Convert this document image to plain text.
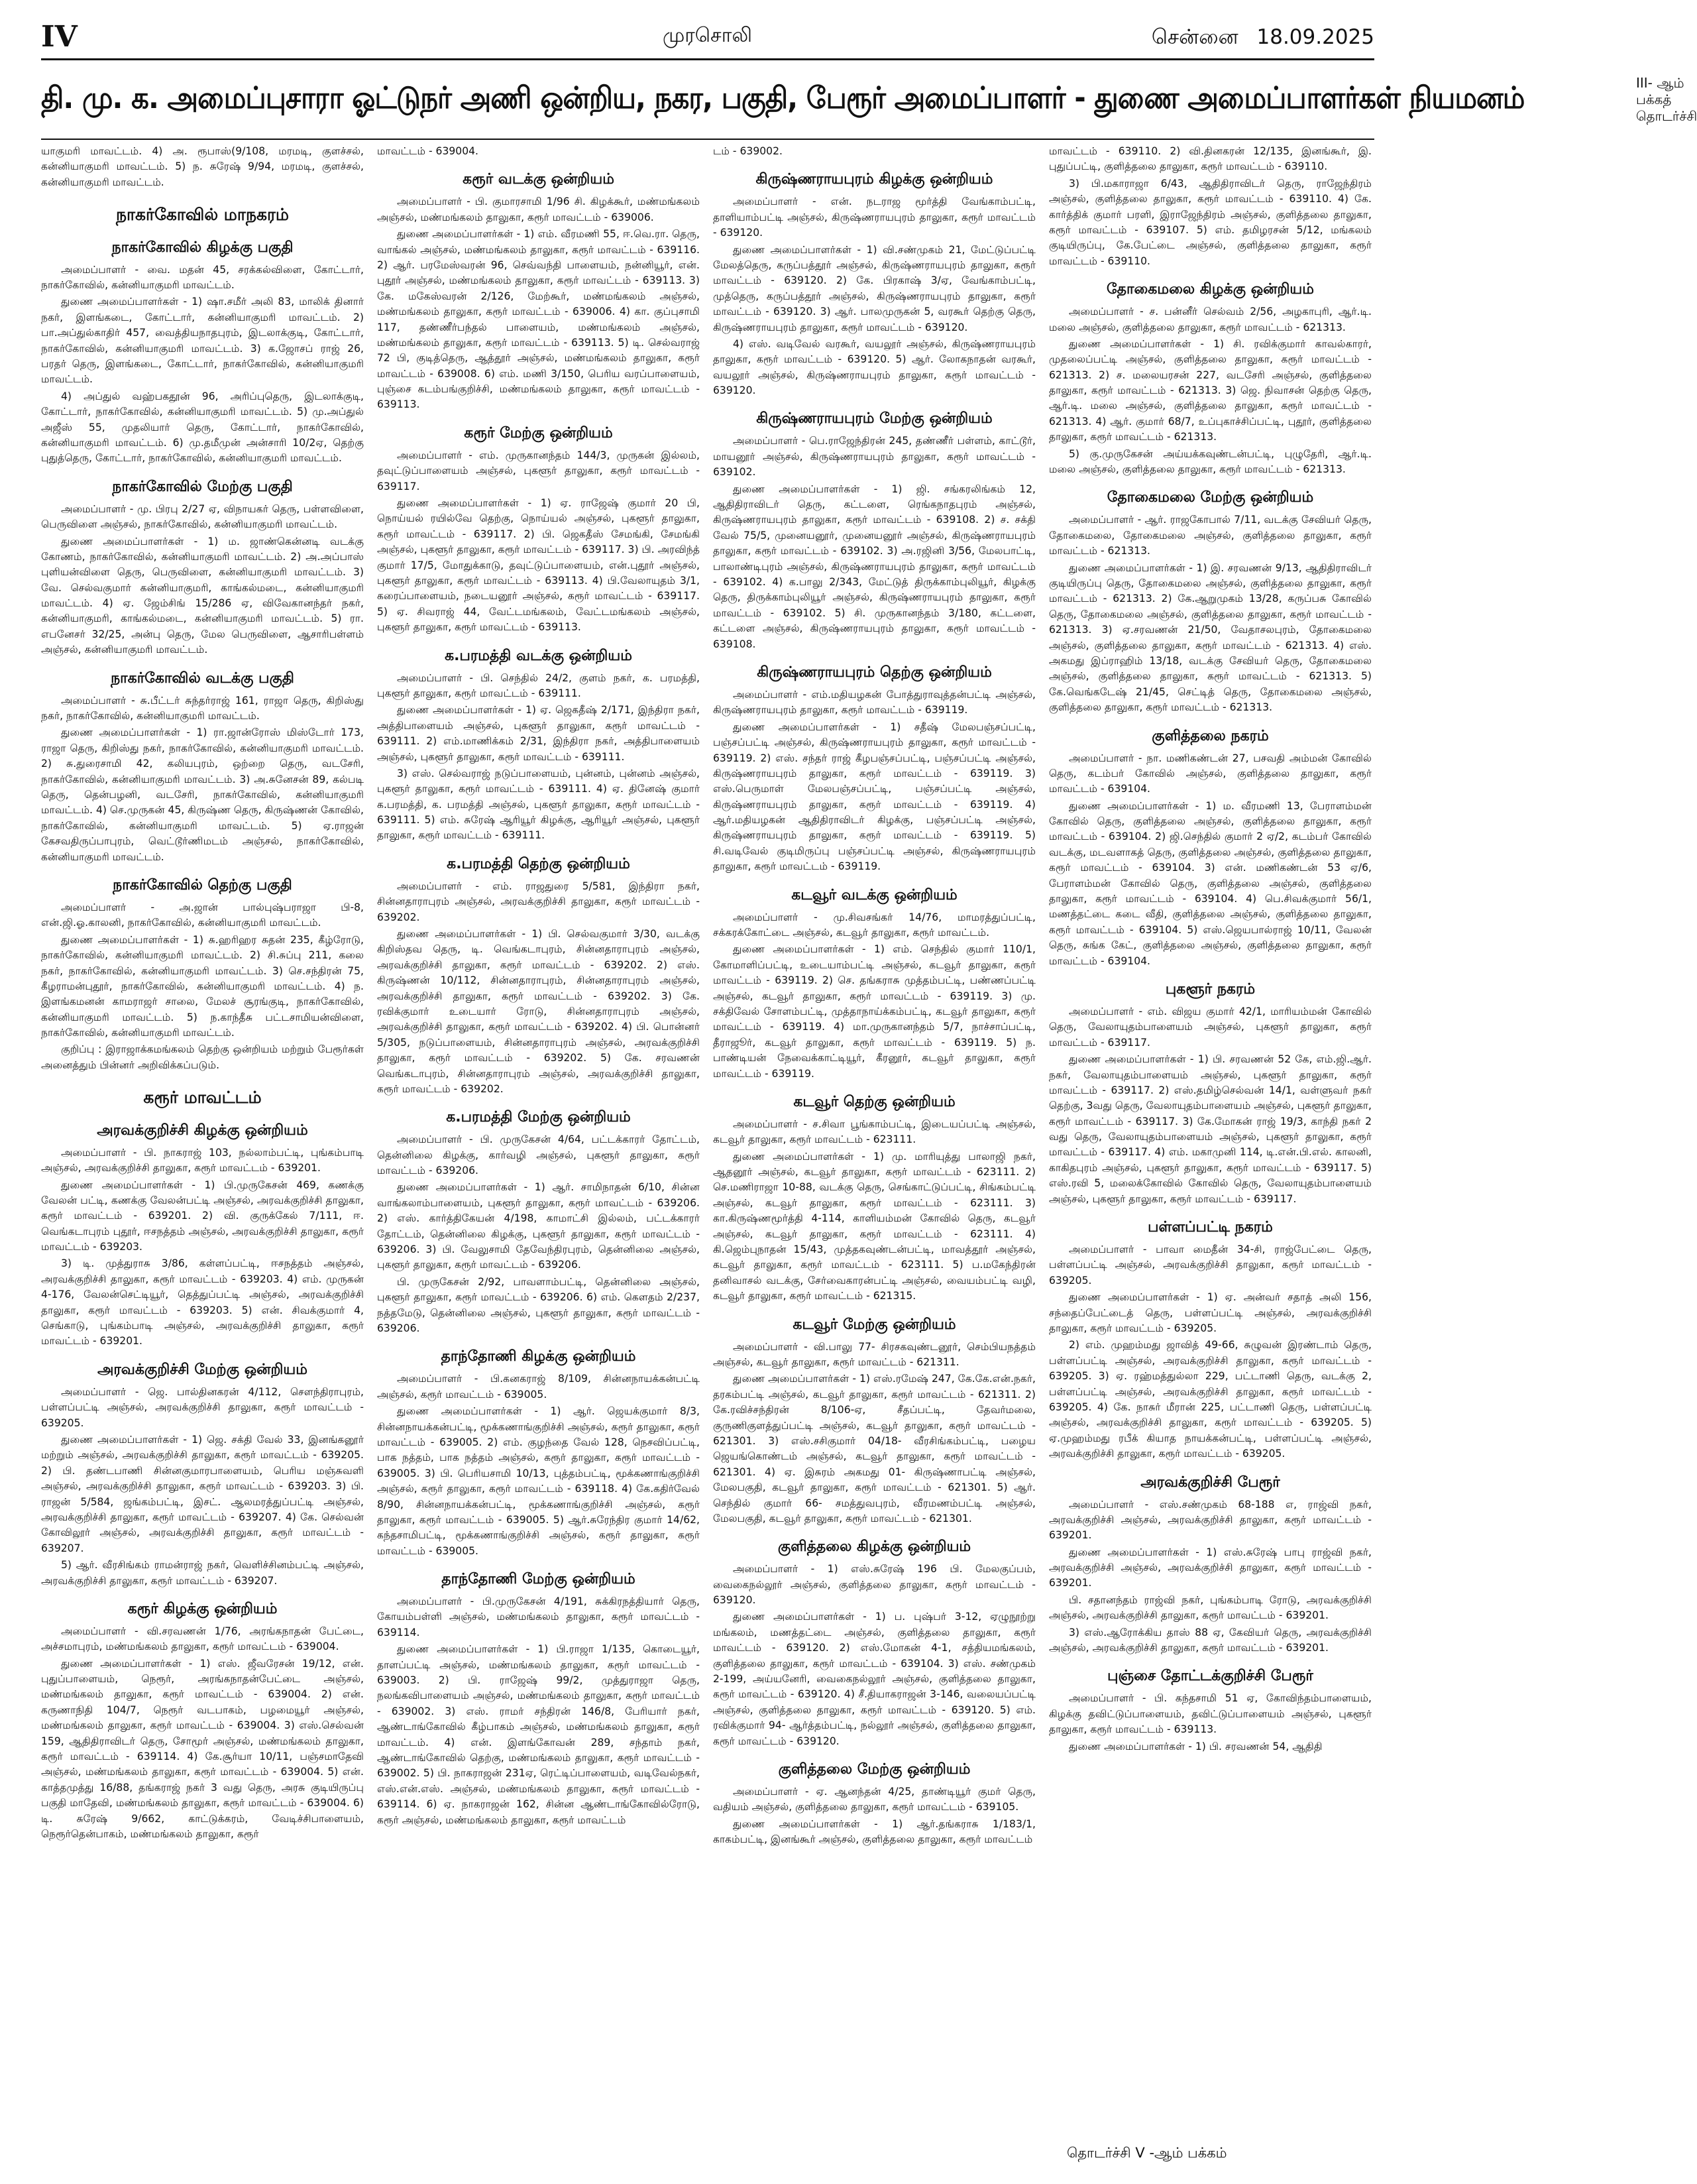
IV	முரசொலி	சென்னை 18.09.2025
தி. மு. க. அமைப்புசாரா ஓட்டுநர் அணி ஒன்றிய, நகர, பகுதி, பேரூர் அமைப்பாளர் - துணை அமைப்பாளர்கள் நியமனம்	III- ஆம் பக்கத் தொடர்ச்சி

யாகுமரி மாவட்டம். 4) அ. ரூபாஸ்(9/108, மரமடி, குளச்சல், கன்னியாகுமரி மாவட்டம். 5) ந. சுரேஷ் 9/94, மரமடி, குளச்சல், கன்னியாகுமரி மாவட்டம்.

நாகர்கோவில் மாநகரம்
நாகர்கோவில் கிழக்கு பகுதி

அமைப்பாளர் - வை. மதன் 45, சரக்கல்விளை, கோட்டார், நாகர்கோவில், கன்னியாகுமரி மாவட்டம்.

துணை அமைப்பாளர்கள் - 1) ஷா.சமீர் அலி 83, மாலிக் தினார் நகர், இளங்கடை, கோட்டார், கன்னியாகுமரி மாவட்டம். 2) பா.அப்துல்காதிர் 457, வைத்தியநாதபுரம், இடலாக்குடி, கோட்டார், நாகர்கோவில், கன்னியாகுமரி மாவட்டம். 3) க.ஜோசப் ராஜ் 26, பரதர் தெரு, இளங்கடை, கோட்டார், நாகர்கோவில், கன்னியாகுமரி மாவட்டம்.

4) அப்துல் வஹ்பகதூன் 96, அரிப்புதெரு, இடலாக்குடி, கோட்டார், நாகர்கோவில், கன்னியாகுமரி மாவட்டம். 5) மு.அப்துல் அஜீஸ் 55, முதலியார் தெரு, கோட்டார், நாகர்கோவில், கன்னியாகுமரி மாவட்டம். 6) மு.தமீமுன் அன்சாரி 10/2ஏ, தெற்கு புதுத்தெரு, கோட்டார், நாகர்கோவில், கன்னியாகுமரி மாவட்டம்.

நாகர்கோவில் மேற்கு பகுதி

அமைப்பாளர் - மு. பிரபு 2/27 ஏ, விநாயகர் தெரு, பள்ளவிளை, பெருவிளை அஞ்சல், நாகர்கோவில், கன்னியாகுமரி மாவட்டம்.

துணை அமைப்பாளர்கள் - 1) ம. ஜாண்கென்னடி வடக்கு கோணம், நாகர்கோவில், கன்னியாகுமரி மாவட்டம். 2) அ.அப்பாஸ் புளியன்விளை தெரு, பெருவிளை, கன்னியாகுமரி மாவட்டம். 3) வே. செல்வகுமார் கன்னியாகுமரி, காங்கல்மடை, கன்னியாகுமரி மாவட்டம். 4) ஏ. ஜேம்சிங் 15/286 ஏ, விவேகானந்தர் நகர், கன்னியாகுமரி, காங்கல்மடை, கன்னியாகுமரி மாவட்டம். 5) ரா. எபனேசர் 32/25, அன்பு தெரு, மேல பெருவிளை, ஆசாரிபள்ளம் அஞ்சல், கன்னியாகுமரி மாவட்டம்.

நாகர்கோவில் வடக்கு பகுதி

அமைப்பாளர் - சு.பீட்டர் சுந்தர்ராஜ் 161, ராஜா தெரு, கிறிஸ்து நகர், நாகர்கோவில், கன்னியாகுமரி மாவட்டம்.

துணை அமைப்பாளர்கள் - 1) ரா.ஜான்ரோஸ் மிஸ்டோர் 173, ராஜா தெரு, கிறிஸ்து நகர், நாகர்கோவில், கன்னியாகுமரி மாவட்டம். 2) சு.துரைசாமி 42, கலியபுரம், ஒற்றை தெரு, வடசேரி, நாகர்கோவில், கன்னியாகுமரி மாவட்டம். 3) அ.சுனேசன் 89, கல்படி தெரு, தென்பழனி, வடசேரி, நாகர்கோவில், கன்னியாகுமரி மாவட்டம். 4) செ.முருகன் 45, கிருஷ்ண தெரு, கிருஷ்ணன் கோவில், நாகர்கோவில், கன்னியாகுமரி மாவட்டம். 5) ஏ.ராஜன் கேசவதிருப்பாபுரம், வெட்டூர்ணிமடம் அஞ்சல், நாகர்கோவில், கன்னியாகுமரி மாவட்டம்.

நாகர்கோவில் தெற்கு பகுதி

அமைப்பாளர் - அ.ஜான் பால்புஷ்பராஜா பி-8, என்.ஜி.ஓ.காலனி, நாகர்கோவில், கன்னியாகுமரி மாவட்டம்.

துணை அமைப்பாளர்கள் - 1) சு.ஹரிஹர சுதன் 235, கீழ்ரோடு, நாகர்கோவில், கன்னியாகுமரி மாவட்டம். 2) சி.சுப்பு 211, கலை நகர், நாகர்கோவில், கன்னியாகுமரி மாவட்டம். 3) செ.சந்திரன் 75, கீழராமன்புதூர், நாகர்கோவில், கன்னியாகுமரி மாவட்டம். 4) ந. இளங்கமனன் காமராஜர் சாலை, மேலச் சூரங்குடி, நாகர்கோவில், கன்னியாகுமரி மாவட்டம். 5) ந.காந்தீசு பட்டசாமியன்விளை, நாகர்கோவில், கன்னியாகுமரி மாவட்டம்.

குறிப்பு : இராஜாக்கமங்கலம் தெற்கு ஒன்றியம் மற்றும் பேரூர்கள் அனைத்தும் பின்னர் அறிவிக்கப்படும்.

கரூர் மாவட்டம்
அரவக்குறிச்சி கிழக்கு ஒன்றியம்

அமைப்பாளர் - பி. நாகராஜ் 103, நல்லாம்பட்டி, புங்கம்பாடி அஞ்சல், அரவக்குறிச்சி தாலுகா, கரூர் மாவட்டம் - 639201.

துணை அமைப்பாளர்கள் - 1) பி.முருகேசன் 469, கணக்கு வேலன் பட்டி, கணக்கு வேலன்பட்டி அஞ்சல், அரவக்குறிச்சி தாலுகா, கரூர் மாவட்டம் - 639201. 2) வி. குருக்கேல் 7/111, ஈ. வெங்கடாபுரம் புதூர், ஈசநத்தம் அஞ்சல், அரவக்குறிச்சி தாலுகா, கரூர் மாவட்டம் - 639203.

3) டி. முத்துராசு 3/86, கள்ளப்பட்டி, ஈசநத்தம் அஞ்சல், அரவக்குறிச்சி தாலுகா, கரூர் மாவட்டம் - 639203. 4) எம். முருகன் 4-176, வேலன்செட்டியூர், தெத்துப்பட்டி அஞ்சல், அரவக்குறிச்சி தாலுகா, கரூர் மாவட்டம் - 639203. 5) என். சிவக்குமார் 4, செங்காடு, புங்கம்பாடி அஞ்சல், அரவக்குறிச்சி தாலுகா, கரூர் மாவட்டம் - 639201.

அரவக்குறிச்சி மேற்கு ஒன்றியம்

அமைப்பாளர் - ஜெ. பால்தினகரன் 4/112, சௌந்திராபுரம், பள்ளப்பட்டி அஞ்சல், அரவக்குறிச்சி தாலுகா, கரூர் மாவட்டம் - 639205.

துணை அமைப்பாளர்கள் - 1) ஜெ. சக்தி வேல் 33, இனங்கனூர் மற்றும் அஞ்சல், அரவக்குறிச்சி தாலுகா, கரூர் மாவட்டம் - 639205. 2) பி. தண்டபாணி சின்னகுமாரபாளையம், பெரிய மஞ்சுவளி அஞ்சல், அரவக்குறிச்சி தாலுகா, கரூர் மாவட்டம் - 639203. 3) பி. ராஜன் 5/584, ஜங்கம்பட்டி, இசட். ஆலமரத்துப்பட்டி அஞ்சல், அரவக்குறிச்சி தாலுகா, கரூர் மாவட்டம் - 639207. 4) கே. செல்வன் கோவிலூர் அஞ்சல், அரவக்குறிச்சி தாலுகா, கரூர் மாவட்டம் - 639207.

5) ஆர். வீரசிங்கம் ராமன்ராஜ் நகர், வெளிச்சினம்பட்டி அஞ்சல், அரவக்குறிச்சி தாலுகா, கரூர் மாவட்டம் - 639207.

கரூர் கிழக்கு ஒன்றியம்

அமைப்பாளர் - வி.சரவணன் 1/76, அரங்கநாதன் பேட்டை, அச்சமாபுரம், மண்மங்கலம் தாலுகா, கரூர் மாவட்டம் - 639004.

துணை அமைப்பாளர்கள் - 1) எஸ். ஜீவரேசன் 19/12, என். புதுப்பாளையம், நெரூர், அரங்கநாதன்பேட்டை அஞ்சல், மண்மங்கலம் தாலுகா, கரூர் மாவட்டம் - 639004. 2) என். கருணாநிதி 104/7, நெரூர் வடபாகம், பழமையூர் அஞ்சல், மண்மங்கலம் தாலுகா, கரூர் மாவட்டம் - 639004. 3) எஸ்.செல்வன் 159, ஆதிதிராவிடர் தெரு, சோமூர் அஞ்சல், மண்மங்கலம் தாலுகா, கரூர் மாவட்டம் - 639114. 4) கே.சூர்யா 10/11, பஞ்சமாதேவி அஞ்சல், மண்மங்கலம் தாலுகா, கரூர் மாவட்டம் - 639004. 5) என். காத்தமுத்து 16/88, தங்கராஜ் நகர் 3 வது தெரு, அரசு குடியிருப்பு பகுதி மாதேவி, மண்மங்கலம் தாலுகா, கரூர் மாவட்டம் - 639004. 6) டி. சுரேஷ் 9/662, காட்டுக்கரம், வேடிச்சிபாளையம், நெரூர்தென்பாகம், மண்மங்கலம் தாலுகா, கரூர்

மாவட்டம் - 639004.

கரூர் வடக்கு ஒன்றியம்

அமைப்பாளர் - பி. குமாரசாமி 1/96 சி. கிழக்கூர், மண்மங்கலம் அஞ்சல், மண்மங்கலம் தாலுகா, கரூர் மாவட்டம் - 639006.

துணை அமைப்பாளர்கள் - 1) எம். வீரமணி 55, ஈ.வெ.ரா. தெரு, வாங்கல் அஞ்சல், மண்மங்கலம் தாலுகா, கரூர் மாவட்டம் - 639116. 2) ஆர். பரமேஸ்வரன் 96, செவ்வந்தி பாளையம், நன்னியூர், என். புதூர் அஞ்சல், மண்மங்கலம் தாலுகா, கரூர் மாவட்டம் - 639113. 3) கே. மகேஸ்வரன் 2/126, மேற்கூர், மண்மங்கலம் அஞ்சல், மண்மங்கலம் தாலுகா, கரூர் மாவட்டம் - 639006. 4) கா. குப்புசாமி 117, தண்ணீர்பந்தல் பாளையம், மண்மங்கலம் அஞ்சல், மண்மங்கலம் தாலுகா, கரூர் மாவட்டம் - 639113. 5) டி. செல்வராஜ் 72 பி, குடித்தெரு, ஆத்தூர் அஞ்சல், மண்மங்கலம் தாலுகா, கரூர் மாவட்டம் - 639008. 6) எம். மணி 3/150, பெரிய வரப்பாளையம், புஞ்சை கடம்பங்குறிச்சி, மண்மங்கலம் தாலுகா, கரூர் மாவட்டம் - 639113.

கரூர் மேற்கு ஒன்றியம்

அமைப்பாளர் - எம். முருகானந்தம் 144/3, முருகன் இல்லம், தவுட்டுப்பாளையம் அஞ்சல், புகளூர் தாலுகா, கரூர் மாவட்டம் - 639117.

துணை அமைப்பாளர்கள் - 1) ஏ. ராஜேஷ் குமார் 20 பி, நொய்யல் ரயில்வே தெற்கு, நொய்யல் அஞ்சல், புகளூர் தாலுகா, கரூர் மாவட்டம் - 639117. 2) பி. ஜெகதீஸ் சேமங்கி, சேமங்கி அஞ்சல், புகளூர் தாலுகா, கரூர் மாவட்டம் - 639117. 3) பி. அரவிந்த் குமார் 17/5, மோதுக்காடு, தவுட்டுப்பாளையம், என்.புதூர் அஞ்சல், புகளூர் தாலுகா, கரூர் மாவட்டம் - 639113. 4) பி.வேலாயுதம் 3/1, கரைப்பாளையம், நடையனூர் அஞ்சல், கரூர் மாவட்டம் - 639117. 5) ஏ. சிவராஜ் 44, வேட்டமங்கலம், வேட்டமங்கலம் அஞ்சல், புகளூர் தாலுகா, கரூர் மாவட்டம் - 639113.

க.பரமத்தி வடக்கு ஒன்றியம்

அமைப்பாளர் - பி. செந்தில் 24/2, குளம் நகர், க. பரமத்தி, புகளூர் தாலுகா, கரூர் மாவட்டம் - 639111.

துணை அமைப்பாளர்கள் - 1) ஏ. ஜெகதீஷ் 2/171, இந்திரா நகர், அத்திபாளையம் அஞ்சல், புகளூர் தாலுகா, கரூர் மாவட்டம் - 639111. 2) எம்.மாணிக்கம் 2/31, இந்திரா நகர், அத்திபாளையம் அஞ்சல், புகளூர் தாலுகா, கரூர் மாவட்டம் - 639111.

3) எஸ். செல்வராஜ் நடுப்பாளையம், புன்னம், புன்னம் அஞ்சல், புகளூர் தாலுகா, கரூர் மாவட்டம் - 639111. 4) ஏ. தினேஷ் குமார் க.பரமத்தி, க. பரமத்தி அஞ்சல், புகளூர் தாலுகா, கரூர் மாவட்டம் - 639111. 5) எம். சுரேஷ் ஆரியூர் கிழக்கு, ஆரியூர் அஞ்சல், புகளூர் தாலுகா, கரூர் மாவட்டம் - 639111.

க.பரமத்தி தெற்கு ஒன்றியம்

அமைப்பாளர் - எம். ராஜதுரை 5/581, இந்திரா நகர், சின்னதாராபுரம் அஞ்சல், அரவக்குறிச்சி தாலுகா, கரூர் மாவட்டம் - 639202.

துணை அமைப்பாளர்கள் - 1) பி. செல்வகுமார் 3/30, வடக்கு கிறிஸ்தவ தெரு, டி. வெங்கடாபுரம், சின்னதாராபுரம் அஞ்சல், அரவக்குறிச்சி தாலுகா, கரூர் மாவட்டம் - 639202. 2) எஸ். கிருஷ்ணன் 10/112, சின்னதாராபுரம், சின்னதாராபுரம் அஞ்சல், அரவக்குறிச்சி தாலுகா, கரூர் மாவட்டம் - 639202. 3) கே. ரவிக்குமார் உடையார் ரோடு, சின்னதாராபுரம் அஞ்சல், அரவக்குறிச்சி தாலுகா, கரூர் மாவட்டம் - 639202. 4) பி. பொன்னர் 5/305, நடுப்பாளையம், சின்னதாராபுரம் அஞ்சல், அரவக்குறிச்சி தாலுகா, கரூர் மாவட்டம் - 639202. 5) கே. சரவணன் வெங்கடாபுரம், சின்னதாராபுரம் அஞ்சல், அரவக்குறிச்சி தாலுகா, கரூர் மாவட்டம் - 639202.

க.பரமத்தி மேற்கு ஒன்றியம்

அமைப்பாளர் - பி. முருகேசன் 4/64, பட்டக்காரர் தோட்டம், தென்னிலை கிழக்கு, கார்வழி அஞ்சல், புகளூர் தாலுகா, கரூர் மாவட்டம் - 639206.

துணை அமைப்பாளர்கள் - 1) ஆர். சாமிநாதன் 6/10, சின்ன வாங்கலாம்பாளையம், புகளூர் தாலுகா, கரூர் மாவட்டம் - 639206. 2) எஸ். கார்த்திகேயன் 4/198, காமாட்சி இல்லம், பட்டக்காரர் தோட்டம், தென்னிலை கிழக்கு, புகளூர் தாலுகா, கரூர் மாவட்டம் - 639206. 3) பி. வேலுசாமி தேவேந்திரபுரம், தென்னிலை அஞ்சல், புகளூர் தாலுகா, கரூர் மாவட்டம் - 639206.

பி. முருகேசன் 2/92, பாவளாம்பட்டி, தென்னிலை அஞ்சல், புகளூர் தாலுகா, கரூர் மாவட்டம் - 639206. 6) எம். கௌதம் 2/237, நத்தமேடு, தென்னிலை அஞ்சல், புகளூர் தாலுகா, கரூர் மாவட்டம் - 639206.

தாந்தோணி கிழக்கு ஒன்றியம்

அமைப்பாளர் - பி.கனகராஜ் 8/109, சின்னநாயக்கன்பட்டி அஞ்சல், கரூர் மாவட்டம் - 639005.

துணை அமைப்பாளர்கள் - 1) ஆர். ஜெயக்குமார் 8/3, சின்னநாயக்கன்பட்டி, மூக்கணாங்குறிச்சி அஞ்சல், கரூர் தாலுகா, கரூர் மாவட்டம் - 639005. 2) எம். குழந்தை வேல் 128, நெசவிப்பட்டி, பாக நத்தம், பாக நத்தம் அஞ்சல், கரூர் தாலுகா, கரூர் மாவட்டம் - 639005. 3) பி. பெரியசாமி 10/13, புத்தம்பட்டி, மூக்கணாங்குறிச்சி அஞ்சல், கரூர் தாலுகா, கரூர் மாவட்டம் - 639118. 4) கே.கதிர்வேல் 8/90, சின்னநாயக்கன்பட்டி, மூக்கணாங்குறிச்சி அஞ்சல், கரூர் தாலுகா, கரூர் மாவட்டம் - 639005. 5) ஆர்.சுரேந்திர குமார் 14/62, கந்தசாமிபட்டி, மூக்கணாங்குறிச்சி அஞ்சல், கரூர் தாலுகா, கரூர் மாவட்டம் - 639005.

தாந்தோணி மேற்கு ஒன்றியம்

அமைப்பாளர் - பி.முருகேசன் 4/191, சுக்கிரநத்தியார் தெரு, கோயம்பள்ளி அஞ்சல், மண்மங்கலம் தாலுகா, கரூர் மாவட்டம் - 639114.

துணை அமைப்பாளர்கள் - 1) பி.ராஜா 1/135, கொடையூர், தாளப்பட்டி அஞ்சல், மண்மங்கலம் தாலுகா, கரூர் மாவட்டம் - 639003. 2) பி. ராஜேஷ் 99/2, முத்துராஜா தெரு, நலங்கவிபாளையம் அஞ்சல், மண்மங்கலம் தாலுகா, கரூர் மாவட்டம் - 639002. 3) எஸ். ராமர் சந்திரன் 146/8, பேரியார் நகர், ஆண்டாங்கோவில் கீழ்பாகம் அஞ்சல், மண்மங்கலம் தாலுகா, கரூர் மாவட்டம். 4) என். இளங்கோவன் 289, சந்தாம் நகர், ஆண்டாங்கோவில் தெற்கு, மண்மங்கலம் தாலுகா, கரூர் மாவட்டம் - 639002. 5) பி. நாகராஜன் 231ஏ, ரெட்டிப்பாளையம், வடிவேல்நகர், எஸ்.என்.எஸ். அஞ்சல், மண்மங்கலம் தாலுகா, கரூர் மாவட்டம் - 639114. 6) ஏ. நாகராஜன் 162, சின்ன ஆண்டாங்கோவில்ரோடு, கரூர் அஞ்சல், மண்மங்கலம் தாலுகா, கரூர் மாவட்டம்

டம் - 639002.

கிருஷ்ணராயபுரம் கிழக்கு ஒன்றியம்

அமைப்பாளர் - என். நடராஜ மூர்த்தி வேங்காம்பட்டி, தாளியாம்பட்டி அஞ்சல், கிருஷ்ணராயபுரம் தாலுகா, கரூர் மாவட்டம் - 639120.

துணை அமைப்பாளர்கள் - 1) வி.சண்முகம் 21, மேட்டுப்பட்டி மேலத்தெரு, கருப்பத்தூர் அஞ்சல், கிருஷ்ணராயபுரம் தாலுகா, கரூர் மாவட்டம் - 639120. 2) கே. பிரகாஷ் 3/ஏ, வேங்காம்பட்டி, முத்தெரு, கருப்பத்தூர் அஞ்சல், கிருஷ்ணராயபுரம் தாலுகா, கரூர் மாவட்டம் - 639120. 3) ஆர். பாலமுருகன் 5, வரகூர் தெற்கு தெரு, கிருஷ்ணராயபுரம் தாலுகா, கரூர் மாவட்டம் - 639120.

4) எஸ். வடிவேல் வரகூர், வயலூர் அஞ்சல், கிருஷ்ணராயபுரம் தாலுகா, கரூர் மாவட்டம் - 639120. 5) ஆர். லோகநாதன் வரகூர், வயலூர் அஞ்சல், கிருஷ்ணராயபுரம் தாலுகா, கரூர் மாவட்டம் - 639120.

கிருஷ்ணராயபுரம் மேற்கு ஒன்றியம்

அமைப்பாளர் - பெ.ராஜேந்திரன் 245, தண்ணீர் பள்ளம், காட்டூர், மாயனூர் அஞ்சல், கிருஷ்ணராயபுரம் தாலுகா, கரூர் மாவட்டம் - 639102.

துணை அமைப்பாளர்கள் - 1) ஜி. சங்கரலிங்கம் 12, ஆதிதிராவிடர் தெரு, கட்டளை, ரெங்கநாதபுரம் அஞ்சல், கிருஷ்ணராயபுரம் தாலுகா, கரூர் மாவட்டம் - 639108. 2) ச. சக்தி வேல் 75/5, முனையனூர், முனையனூர் அஞ்சல், கிருஷ்ணராயபுரம் தாலுகா, கரூர் மாவட்டம் - 639102. 3) அ.ரஜினி 3/56, மேலபாட்டி, பாலாண்டிபுரம் அஞ்சல், கிருஷ்ணராயபுரம் தாலுகா, கரூர் மாவட்டம் - 639102. 4) க.பாலு 2/343, மேட்டுத் திருக்காம்புலியூர், கிழக்கு தெரு, திருக்காம்புலியூர் அஞ்சல், கிருஷ்ணராயபுரம் தாலுகா, கரூர் மாவட்டம் - 639102. 5) சி. முருகானந்தம் 3/180, கட்டளை, கட்டளை அஞ்சல், கிருஷ்ணராயபுரம் தாலுகா, கரூர் மாவட்டம் - 639108.

கிருஷ்ணராயபுரம் தெற்கு ஒன்றியம்

அமைப்பாளர் - எம்.மதியழகன் போத்துராவுத்தன்பட்டி அஞ்சல், கிருஷ்ணராயபுரம் தாலுகா, கரூர் மாவட்டம் - 639119.

துணை அமைப்பாளர்கள் - 1) சதீஷ் மேலபஞ்சப்பட்டி, பஞ்சப்பட்டி அஞ்சல், கிருஷ்ணராயபுரம் தாலுகா, கரூர் மாவட்டம் - 639119. 2) எஸ். சந்தர் ராஜ் கீழபஞ்சப்பட்டி, பஞ்சப்பட்டி அஞ்சல், கிருஷ்ணராயபுரம் தாலுகா, கரூர் மாவட்டம் - 639119. 3) எஸ்.பெருமாள் மேலபஞ்சப்பட்டி, பஞ்சப்பட்டி அஞ்சல், கிருஷ்ணராயபுரம் தாலுகா, கரூர் மாவட்டம் - 639119. 4) ஆர்.மதியழகன் ஆதிதிராவிடர் கிழக்கு, பஞ்சப்பட்டி அஞ்சல், கிருஷ்ணராயபுரம் தாலுகா, கரூர் மாவட்டம் - 639119. 5) சி.வடிவேல் குடிமிருப்பு பஞ்சப்பட்டி அஞ்சல், கிருஷ்ணராயபுரம் தாலுகா, கரூர் மாவட்டம் - 639119.

கடவூர் வடக்கு ஒன்றியம்

அமைப்பாளர் - மு.சிவசங்கர் 14/76, மாமரத்துப்பட்டி, சக்கரக்கோட்டை அஞ்சல், கடவூர் தாலுகா, கரூர் மாவட்டம்.

துணை அமைப்பாளர்கள் - 1) எம். செந்தில் குமார் 110/1, கோமாளிப்பட்டி, உடையாம்பட்டி அஞ்சல், கடவூர் தாலுகா, கரூர் மாவட்டம் - 639119. 2) செ. தங்கராசு முத்தம்பட்டி, பண்ணப்பட்டி அஞ்சல், கடவூர் தாலுகா, கரூர் மாவட்டம் - 639119. 3) மு. சக்திவேல் சோளம்பட்டி, முத்தாநாய்க்கம்பட்டி, கடவூர் தாலுகா, கரூர் மாவட்டம் - 639119. 4) மா.முருகானந்தம் 5/7, நாச்சாப்பட்டி, தீராஜூர், கடவூர் தாலுகா, கரூர் மாவட்டம் - 639119. 5) ந. பாண்டியன் நேவைக்காட்டியூர், கீரனூர், கடவூர் தாலுகா, கரூர் மாவட்டம் - 639119.

கடவூர் தெற்கு ஒன்றியம்

அமைப்பாளர் - ச.சிவா பூங்காம்பட்டி, இடையப்பட்டி அஞ்சல், கடவூர் தாலுகா, கரூர் மாவட்டம் - 623111.

துணை அமைப்பாளர்கள் - 1) மு. மாரியுத்து பாலாஜி நகர், ஆதனூர் அஞ்சல், கடவூர் தாலுகா, கரூர் மாவட்டம் - 623111. 2) செ.மணிராஜா 10-88, வடக்கு தெரு, செங்காட்டுப்பட்டி, சிங்கம்பட்டி அஞ்சல், கடவூர் தாலுகா, கரூர் மாவட்டம் - 623111. 3) கா.கிருஷ்ணமூர்த்தி 4-114, காளியம்மன் கோவில் தெரு, கடவூர் அஞ்சல், கடவூர் தாலுகா, கரூர் மாவட்டம் - 623111. 4) கி.ஜெம்புநாதன் 15/43, முத்தகவுண்டன்பட்டி, மாவத்தூர் அஞ்சல், கடவூர் தாலுகா, கரூர் மாவட்டம் - 623111. 5) ப.மகேந்திரன் தனிவாசல் வடக்கு, சேர்வைகாரன்பட்டி அஞ்சல், வையம்பட்டி வழி, கடவூர் தாலுகா, கரூர் மாவட்டம் - 621315.

கடவூர் மேற்கு ஒன்றியம்

அமைப்பாளர் - வி.பாலு 77- சிரசகவுண்டனூர், செம்பியநத்தம் அஞ்சல், கடவூர் தாலுகா, கரூர் மாவட்டம் - 621311.

துணை அமைப்பாளர்கள் - 1) எஸ்.ரமேஷ் 247, கே.கே.என்.நகர், தரகம்பட்டி அஞ்சல், கடவூர் தாலுகா, கரூர் மாவட்டம் - 621311. 2) கே.ரவிச்சந்திரன் 8/106-ஏ, சீதப்பட்டி, தேவர்மலை, குருணிகுளத்துப்பட்டி அஞ்சல், கடவூர் தாலுகா, கரூர் மாவட்டம் - 621301. 3) எஸ்.சசிகுமார் 04/18- வீரசிங்கம்பட்டி, பழைய ஜெயங்கொண்டம் அஞ்சல், கடவூர் தாலுகா, கரூர் மாவட்டம் - 621301. 4) ஏ. இசுரம் அகமது 01- கிருஷ்ணாபட்டி அஞ்சல், மேலபகுதி, கடவூர் தாலுகா, கரூர் மாவட்டம் - 621301. 5) ஆர். செந்தில் குமார் 66- சமத்துவபுரம், வீரமணம்பட்டி அஞ்சல், மேலபகுதி, கடவூர் தாலுகா, கரூர் மாவட்டம் - 621301.

குளித்தலை கிழக்கு ஒன்றியம்

அமைப்பாளர் - 1) எஸ்.சுரேஷ் 196 பி. மேலகுப்பம், வைகைநல்லூர் அஞ்சல், குளித்தலை தாலுகா, கரூர் மாவட்டம் - 639120.

துணை அமைப்பாளர்கள் - 1) ப. புஷ்பர் 3-12, ஏழுநூற்று மங்கலம், மணத்தட்டை அஞ்சல், குளித்தலை தாலுகா, கரூர் மாவட்டம் - 639120. 2) எஸ்.மோகன் 4-1, சத்தியமங்கலம், குளித்தலை தாலுகா, கரூர் மாவட்டம் - 639104. 3) எஸ். சண்முகம் 2-199, அய்யனேரி, வைகைநல்லூர் அஞ்சல், குளித்தலை தாலுகா, கரூர் மாவட்டம் - 639120. 4) சீ.தியாகராஜன் 3-146, வலையப்பட்டி அஞ்சல், குளித்தலை தாலுகா, கரூர் மாவட்டம் - 639120. 5) எம். ரவிக்குமார் 94- ஆர்த்தம்பட்டி, நல்லூர் அஞ்சல், குளித்தலை தாலுகா, கரூர் மாவட்டம் - 639120.

குளித்தலை மேற்கு ஒன்றியம்

அமைப்பாளர் - ஏ. ஆனந்தன் 4/25, தாண்டியூர் குமர் தெரு, வதியம் அஞ்சல், குளித்தலை தாலுகா, கரூர் மாவட்டம் - 639105.

துணை அமைப்பாளர்கள் - 1) ஆர்.தங்கராசு 1/183/1, காகம்பட்டி, இனங்கூர் அஞ்சல், குளித்தலை தாலுகா, கரூர் மாவட்டம்

மாவட்டம் - 639110. 2) வி.தினகரன் 12/135, இனங்கூர், இ. புதுப்பட்டி, குளித்தலை தாலுகா, கரூர் மாவட்டம் - 639110.

3) பி.மகாராஜா 6/43, ஆதிதிராவிடர் தெரு, ராஜேந்திரம் அஞ்சல், குளித்தலை தாலுகா, கரூர் மாவட்டம் - 639110. 4) கே. கார்த்திக் குமார் பரளி, இராஜேந்திரம் அஞ்சல், குளித்தலை தாலுகா, கரூர் மாவட்டம் - 639107. 5) எம். தமிழரசன் 5/12, மங்கலம் குடியிருப்பு, கே.பேட்டை அஞ்சல், குளித்தலை தாலுகா, கரூர் மாவட்டம் - 639110.

தோகைமலை கிழக்கு ஒன்றியம்

அமைப்பாளர் - ச. பன்னீர் செல்வம் 2/56, அழகாபுரி, ஆர்.டி. மலை அஞ்சல், குளித்தலை தாலுகா, கரூர் மாவட்டம் - 621313.

துணை அமைப்பாளர்கள் - 1) சி. ரவிக்குமார் காவல்காரர், முதலைப்பட்டி அஞ்சல், குளித்தலை தாலுகா, கரூர் மாவட்டம் - 621313. 2) ச. மலையரசன் 227, வடசேரி அஞ்சல், குளித்தலை தாலுகா, கரூர் மாவட்டம் - 621313. 3) ஜெ. நிவாசன் தெற்கு தெரு, ஆர்.டி. மலை அஞ்சல், குளித்தலை தாலுகா, கரூர் மாவட்டம் - 621313. 4) ஆர். குமார் 68/7, உப்புகாச்சிப்பட்டி, புதூர், குளித்தலை தாலுகா, கரூர் மாவட்டம் - 621313.

5) கு.முருகேசன் அய்யக்கவுண்டன்பட்டி, புழுதேரி, ஆர்.டி. மலை அஞ்சல், குளித்தலை தாலுகா, கரூர் மாவட்டம் - 621313.

தோகைமலை மேற்கு ஒன்றியம்

அமைப்பாளர் - ஆர். ராஜகோபால் 7/11, வடக்கு சேவியர் தெரு, தோகைமலை, தோகைமலை அஞ்சல், குளித்தலை தாலுகா, கரூர் மாவட்டம் - 621313.

துணை அமைப்பாளர்கள் - 1) இ. சரவணன் 9/13, ஆதிதிராவிடர் குடியிருப்பு தெரு, தோகைமலை அஞ்சல், குளித்தலை தாலுகா, கரூர் மாவட்டம் - 621313. 2) கே.ஆறுமுகம் 13/28, கருப்பசு கோவில் தெரு, தோகைமலை அஞ்சல், குளித்தலை தாலுகா, கரூர் மாவட்டம் - 621313. 3) ஏ.சரவணன் 21/50, வேதாசலபுரம், தோகைமலை அஞ்சல், குளித்தலை தாலுகா, கரூர் மாவட்டம் - 621313. 4) எஸ். அகமது இப்ராஹிம் 13/18, வடக்கு சேவியர் தெரு, தோகைமலை அஞ்சல், குளித்தலை தாலுகா, கரூர் மாவட்டம் - 621313. 5) கே.வெங்கடேஷ் 21/45, செட்டித் தெரு, தோகைமலை அஞ்சல், குளித்தலை தாலுகா, கரூர் மாவட்டம் - 621313.

குளித்தலை நகரம்

அமைப்பாளர் - நா. மணிகண்டன் 27, பசவதி அம்மன் கோவில் தெரு, கடம்பர் கோவில் அஞ்சல், குளித்தலை தாலுகா, கரூர் மாவட்டம் - 639104.

துணை அமைப்பாளர்கள் - 1) ம. வீரமணி 13, பேராளம்மன் கோவில் தெரு, குளித்தலை அஞ்சல், குளித்தலை தாலுகா, கரூர் மாவட்டம் - 639104. 2) ஜி.செந்தில் குமார் 2 ஏ/2, கடம்பர் கோவில் வடக்கு, மடவளாகத் தெரு, குளித்தலை அஞ்சல், குளித்தலை தாலுகா, கரூர் மாவட்டம் - 639104. 3) என். மணிகண்டன் 53 ஏ/6, பேராளம்மன் கோவில் தெரு, குளித்தலை அஞ்சல், குளித்தலை தாலுகா, கரூர் மாவட்டம் - 639104. 4) பெ.சிவக்குமார் 56/1, மணத்தட்டை கடை வீதி, குளித்தலை அஞ்சல், குளித்தலை தாலுகா, கரூர் மாவட்டம் - 639104. 5) எஸ்.ஜெயபால்ராஜ் 10/11, வேலன் தெரு, சுங்க கேட், குளித்தலை அஞ்சல், குளித்தலை தாலுகா, கரூர் மாவட்டம் - 639104.

புகளூர் நகரம்

அமைப்பாளர் - எம். விஜய குமார் 42/1, மாரியம்மன் கோவில் தெரு, வேலாயுதம்பாளையம் அஞ்சல், புகளூர் தாலுகா, கரூர் மாவட்டம் - 639117.

துணை அமைப்பாளர்கள் - 1) பி. சரவணன் 52 கே, எம்.ஜி.ஆர். நகர், வேலாயுதம்பாளையம் அஞ்சல், புகளூர் தாலுகா, கரூர் மாவட்டம் - 639117. 2) எஸ்.தமிழ்செல்வன் 14/1, வள்ளுவர் நகர் தெற்கு, 3வது தெரு, வேலாயுதம்பாளையம் அஞ்சல், புகளூர் தாலுகா, கரூர் மாவட்டம் - 639117. 3) கே.மோகன் ராஜ் 19/3, காந்தி நகர் 2 வது தெரு, வேலாயுதம்பாளையம் அஞ்சல், புகளூர் தாலுகா, கரூர் மாவட்டம் - 639117. 4) எம். மகாமுனி 114, டி.என்.பி.எல். காலனி, காகிதபுரம் அஞ்சல், புகளூர் தாலுகா, கரூர் மாவட்டம் - 639117. 5) எஸ்.ரவி 5, மலைக்கோவில் கோவில் தெரு, வேலாயுதம்பாளையம் அஞ்சல், புகளூர் தாலுகா, கரூர் மாவட்டம் - 639117.

பள்ளப்பட்டி நகரம்

அமைப்பாளர் - பாவா மைதீன் 34-சி, ராஜ்பேட்டை தெரு, பள்ளப்பட்டி அஞ்சல், அரவக்குறிச்சி தாலுகா, கரூர் மாவட்டம் - 639205.

துணை அமைப்பாளர்கள் - 1) ஏ. அன்வர் சதாத் அலி 156, சந்தைப்பேட்டைத் தெரு, பள்ளப்பட்டி அஞ்சல், அரவக்குறிச்சி தாலுகா, கரூர் மாவட்டம் - 639205.

2) எம். முஹம்மது ஜாவித் 49-66, சுழுவன் இரண்டாம் தெரு, பள்ளப்பட்டி அஞ்சல், அரவக்குறிச்சி தாலுகா, கரூர் மாவட்டம் - 639205. 3) ஏ. ரஹ்மத்துல்லா 229, பட்டாணி தெரு, வடக்கு 2, பள்ளப்பட்டி அஞ்சல், அரவக்குறிச்சி தாலுகா, கரூர் மாவட்டம் - 639205. 4) கே. நாசுர் மீரான் 225, பட்டாணி தெரு, பள்ளப்பட்டி அஞ்சல், அரவக்குறிச்சி தாலுகா, கரூர் மாவட்டம் - 639205. 5) ஏ.முஹம்மது ரபீக் கியாத நாயக்கன்பட்டி, பள்ளப்பட்டி அஞ்சல், அரவக்குறிச்சி தாலுகா, கரூர் மாவட்டம் - 639205.

அரவக்குறிச்சி பேரூர்

அமைப்பாளர் - எஸ்.சண்முகம் 68-188 எ, ராஜ்வி நகர், அரவக்குறிச்சி அஞ்சல், அரவக்குறிச்சி தாலுகா, கரூர் மாவட்டம் - 639201.

துணை அமைப்பாளர்கள் - 1) எஸ்.சுரேஷ் பாபு ராஜ்வி நகர், அரவக்குறிச்சி அஞ்சல், அரவக்குறிச்சி தாலுகா, கரூர் மாவட்டம் - 639201.

பி. சதானந்தம் ராஜ்வி நகர், புங்கம்பாடி ரோடு, அரவக்குறிச்சி அஞ்சல், அரவக்குறிச்சி தாலுகா, கரூர் மாவட்டம் - 639201.

3) எஸ்.ஆரோக்கிய தாஸ் 88 ஏ, கேவியர் தெரு, அரவக்குறிச்சி அஞ்சல், அரவக்குறிச்சி தாலுகா, கரூர் மாவட்டம் - 639201.

புஞ்சை தோட்டக்குறிச்சி பேரூர்

அமைப்பாளர் - பி. கந்தசாமி 51 ஏ, கோவிந்தம்பாளையம், கிழக்கு தவிட்டுப்பாளையம், தவிட்டுப்பாளையம் அஞ்சல், புகளூர் தாலுகா, கரூர் மாவட்டம் - 639113.

துணை அமைப்பாளர்கள் - 1) பி. சரவணன் 54, ஆதிதி

தொடர்ச்சி V -ஆம் பக்கம்
